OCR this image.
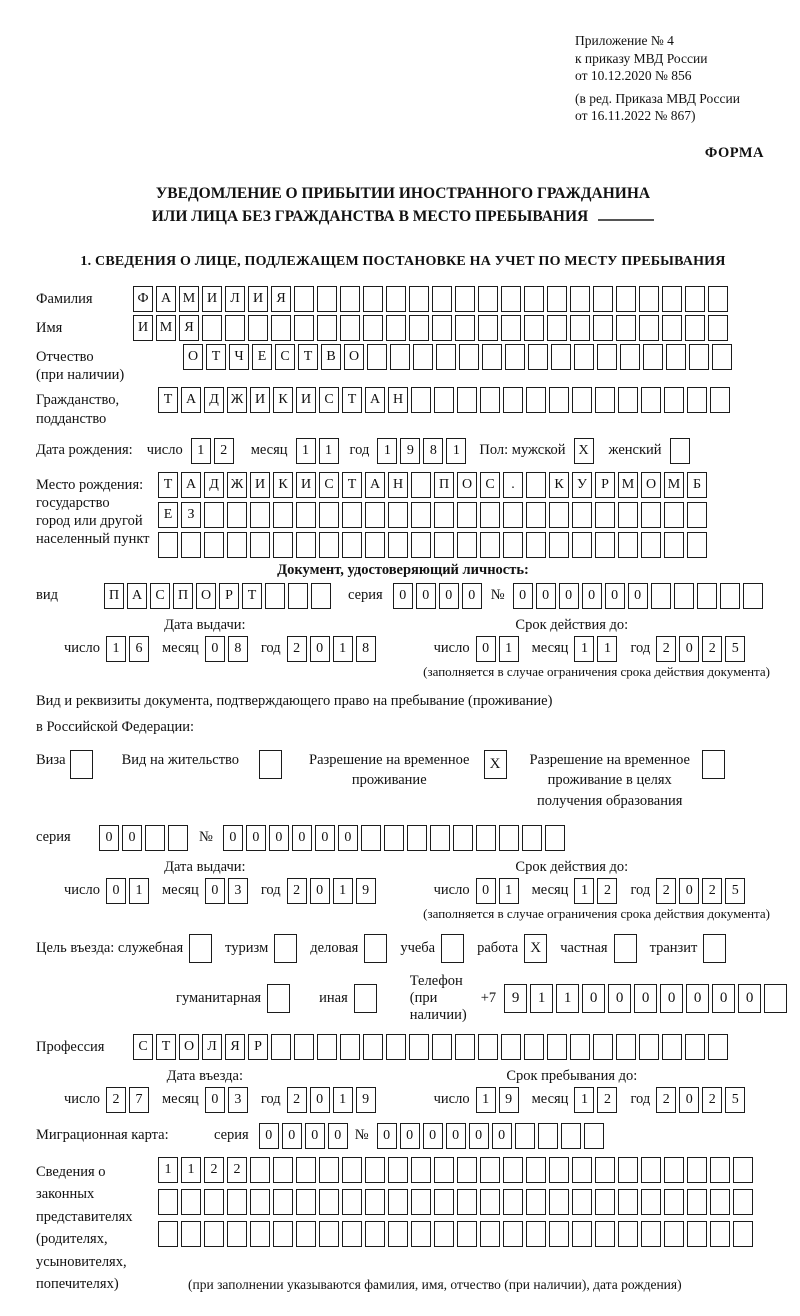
Приложение № 4
к приказу МВД России
от 10.12.2020 № 856
(в ред. Приказа МВД России
от 16.11.2022 № 867)
ФОРМА
УВЕДОМЛЕНИЕ О ПРИБЫТИИ ИНОСТРАННОГО ГРАЖДАНИНА
ИЛИ ЛИЦА БЕЗ ГРАЖДАНСТВА В МЕСТО ПРЕБЫВАНИЯ
1. СВЕДЕНИЯ О ЛИЦЕ, ПОДЛЕЖАЩЕМ ПОСТАНОВКЕ НА УЧЕТ ПО МЕСТУ ПРЕБЫВАНИЯ
Фамилия	Ф А М И Л И Я
Имя	И М Я
Отчество
(при наличии)
О Т	Ч	Е	С	Т	В О
Гражданство,
подданство
Т А Д Ж И К И С	Т А Н
Дата рождения: число	1	2	месяц	1	1	год	1	9	8	1	Пол: мужской X	женский
Место рождения:
государство
город или другой
населенный пункт
Т А Д Ж И К И С	Т А Н	П О С	.	К У	Р М О М Б
Е	З
Документ, удостоверяющий личность:
вид	П А С П О	Р	Т	серия	0	0	0	0	№	0	0	0	0	0	0
Дата выдачи:
число 1	6	месяц 0	8	год 2	0	1	8
Срок действия до:
число 0	1	месяц 1	1	год 2	0	2	5
(заполняется в случае ограничения срока действия документа)
Вид и реквизиты документа, подтверждающего право на пребывание (проживание)
в Российской Федерации:
Виза	Вид на жительство	Разрешение на временное
проживание
X	Разрешение на временное
проживание в целях
получения образования
серия	0	0	№	0	0	0	0	0	0
Дата выдачи:
число 0	1	месяц 0	3	год 2	0	1	9
Срок действия до:
число 0	1	месяц 1	2	год 2	0	2	5
(заполняется в случае ограничения срока действия документа)
Цель въезда: служебная	туризм	деловая	учеба	работа X	частная	транзит
гуманитарная	иная
Телефон (при наличии)
+7	9	1	1	0	0	0	0	0	0	0
Профессия	С	Т О Л Я	Р
Дата въезда:
число 2	7	месяц 0	3	год 2	0	1	9
Срок пребывания до:
число 1	9	месяц 1	2	год 2	0	2	5
Миграционная карта:	серия	0	0	0	0 №	0	0	0	0	0	0
Сведения о
законных
представителях
(родителях,
усыновителях,
попечителях)
1	1	2	2
(при заполнении указываются фамилия, имя, отчество (при наличии), дата рождения)
